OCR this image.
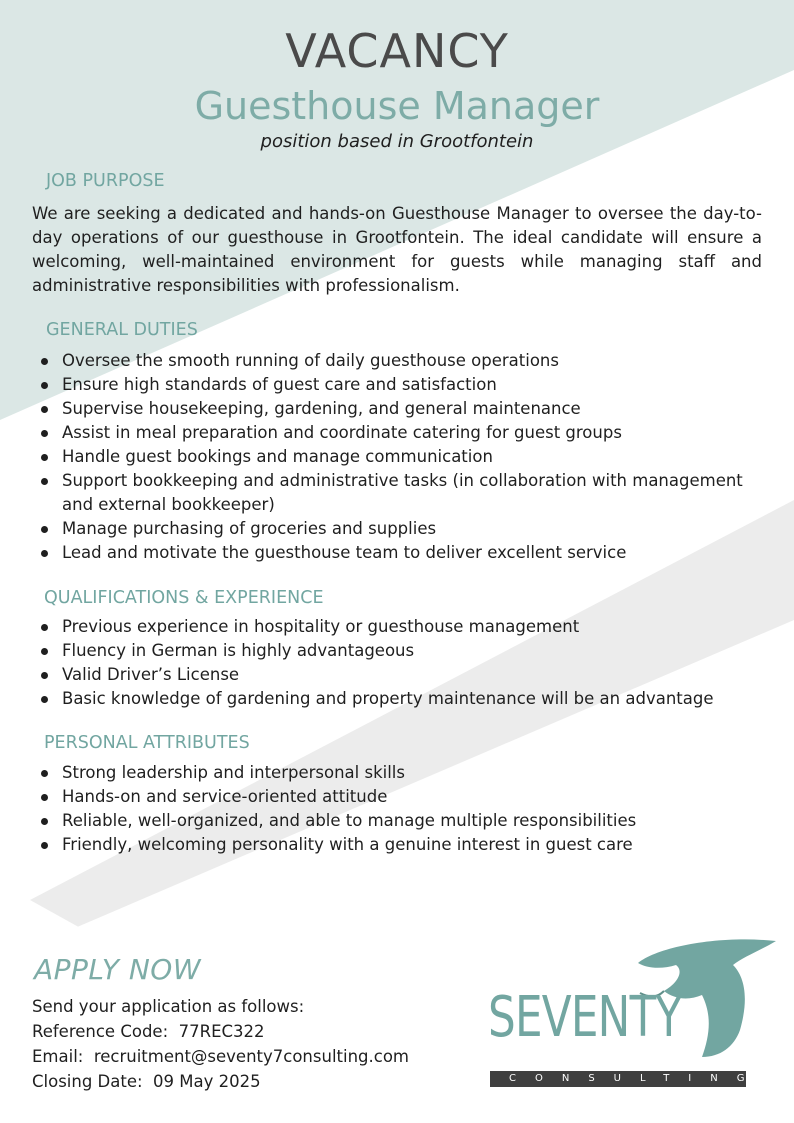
VACANCY
Guesthouse Manager

position based in Grootfontein

JOB PURPOSE

We are seeking a dedicated and hands-on Guesthouse Manager to oversee the day-to-day operations of our guesthouse in Grootfontein. The ideal candidate will ensure a welcoming, well-maintained environment for guests while managing staff and administrative responsibilities with professionalism.

GENERAL DUTIES
Oversee the smooth running of daily guesthouse operations
Ensure high standards of guest care and satisfaction
Supervise housekeeping, gardening, and general maintenance
Assist in meal preparation and coordinate catering for guest groups
Handle guest bookings and manage communication
Support bookkeeping and administrative tasks (in collaboration with management and external bookkeeper)
Manage purchasing of groceries and supplies
Lead and motivate the guesthouse team to deliver excellent service
QUALIFICATIONS & EXPERIENCE
Previous experience in hospitality or guesthouse management
Fluency in German is highly advantageous
Valid Driver’s License
Basic knowledge of gardening and property maintenance will be an advantage
PERSONAL ATTRIBUTES
Strong leadership and interpersonal skills
Hands-on and service-oriented attitude
Reliable, well-organized, and able to manage multiple responsibilities
Friendly, welcoming personality with a genuine interest in guest care
APPLY NOW
Send your application as follows:
Reference Code:  77REC322
Email:  recruitment@seventy7consulting.com
Closing Date:  09 May 2025
SEVENTY
CONSULTING
